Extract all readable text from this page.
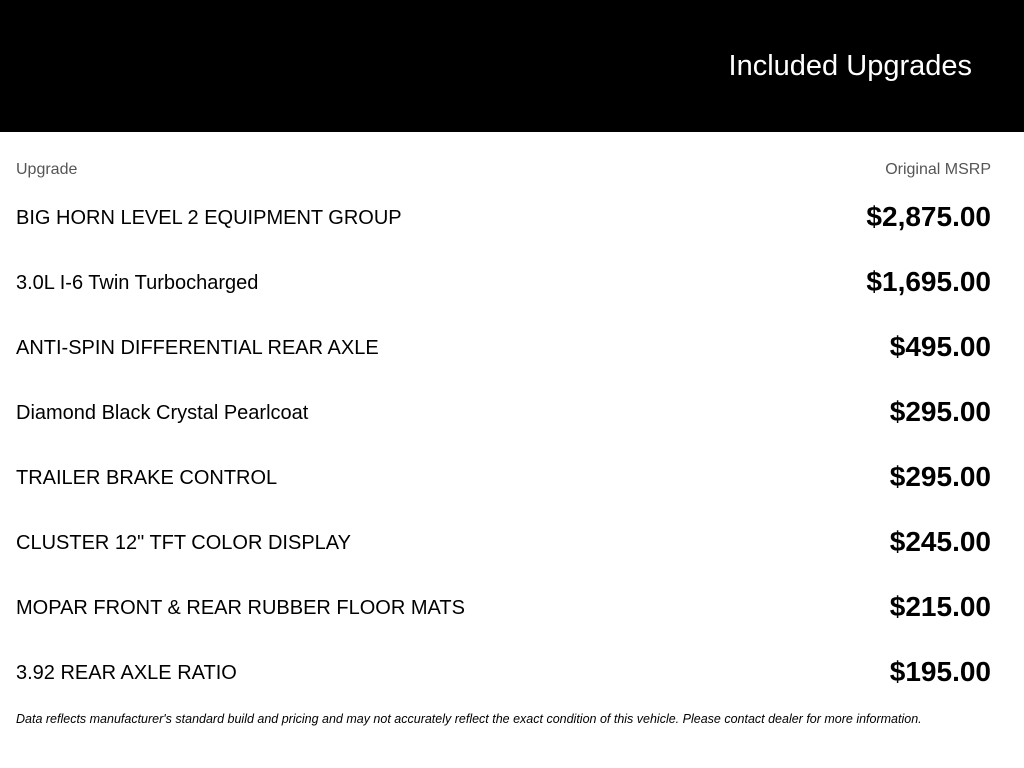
Included Upgrades
Upgrade	Original MSRP
BIG HORN LEVEL 2 EQUIPMENT GROUP	$2,875.00
3.0L I-6 Twin Turbocharged	$1,695.00
ANTI-SPIN DIFFERENTIAL REAR AXLE	$495.00
Diamond Black Crystal Pearlcoat	$295.00
TRAILER BRAKE CONTROL	$295.00
CLUSTER 12" TFT COLOR DISPLAY	$245.00
MOPAR FRONT & REAR RUBBER FLOOR MATS	$215.00
3.92 REAR AXLE RATIO	$195.00
Data reflects manufacturer's standard build and pricing and may not accurately reflect the exact condition of this vehicle. Please contact dealer for more information.
